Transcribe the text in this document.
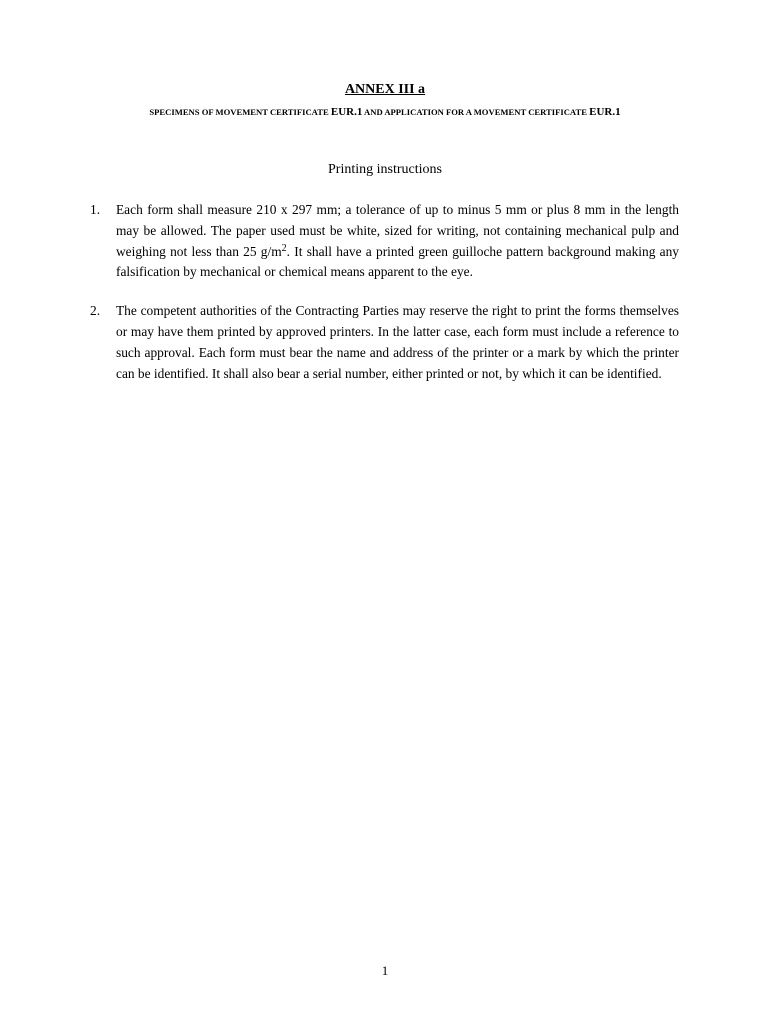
ANNEX III a
SPECIMENS OF MOVEMENT CERTIFICATE EUR.1 AND APPLICATION FOR A MOVEMENT CERTIFICATE EUR.1
Printing instructions
1. Each form shall measure 210 x 297 mm; a tolerance of up to minus 5 mm or plus 8 mm in the length may be allowed. The paper used must be white, sized for writing, not containing mechanical pulp and weighing not less than 25 $g/m^2$. It shall have a printed green guilloche pattern background making any falsification by mechanical or chemical means apparent to the eye.
2. The competent authorities of the Contracting Parties may reserve the right to print the forms themselves or may have them printed by approved printers. In the latter case, each form must include a reference to such approval. Each form must bear the name and address of the printer or a mark by which the printer can be identified. It shall also bear a serial number, either printed or not, by which it can be identified.
1
